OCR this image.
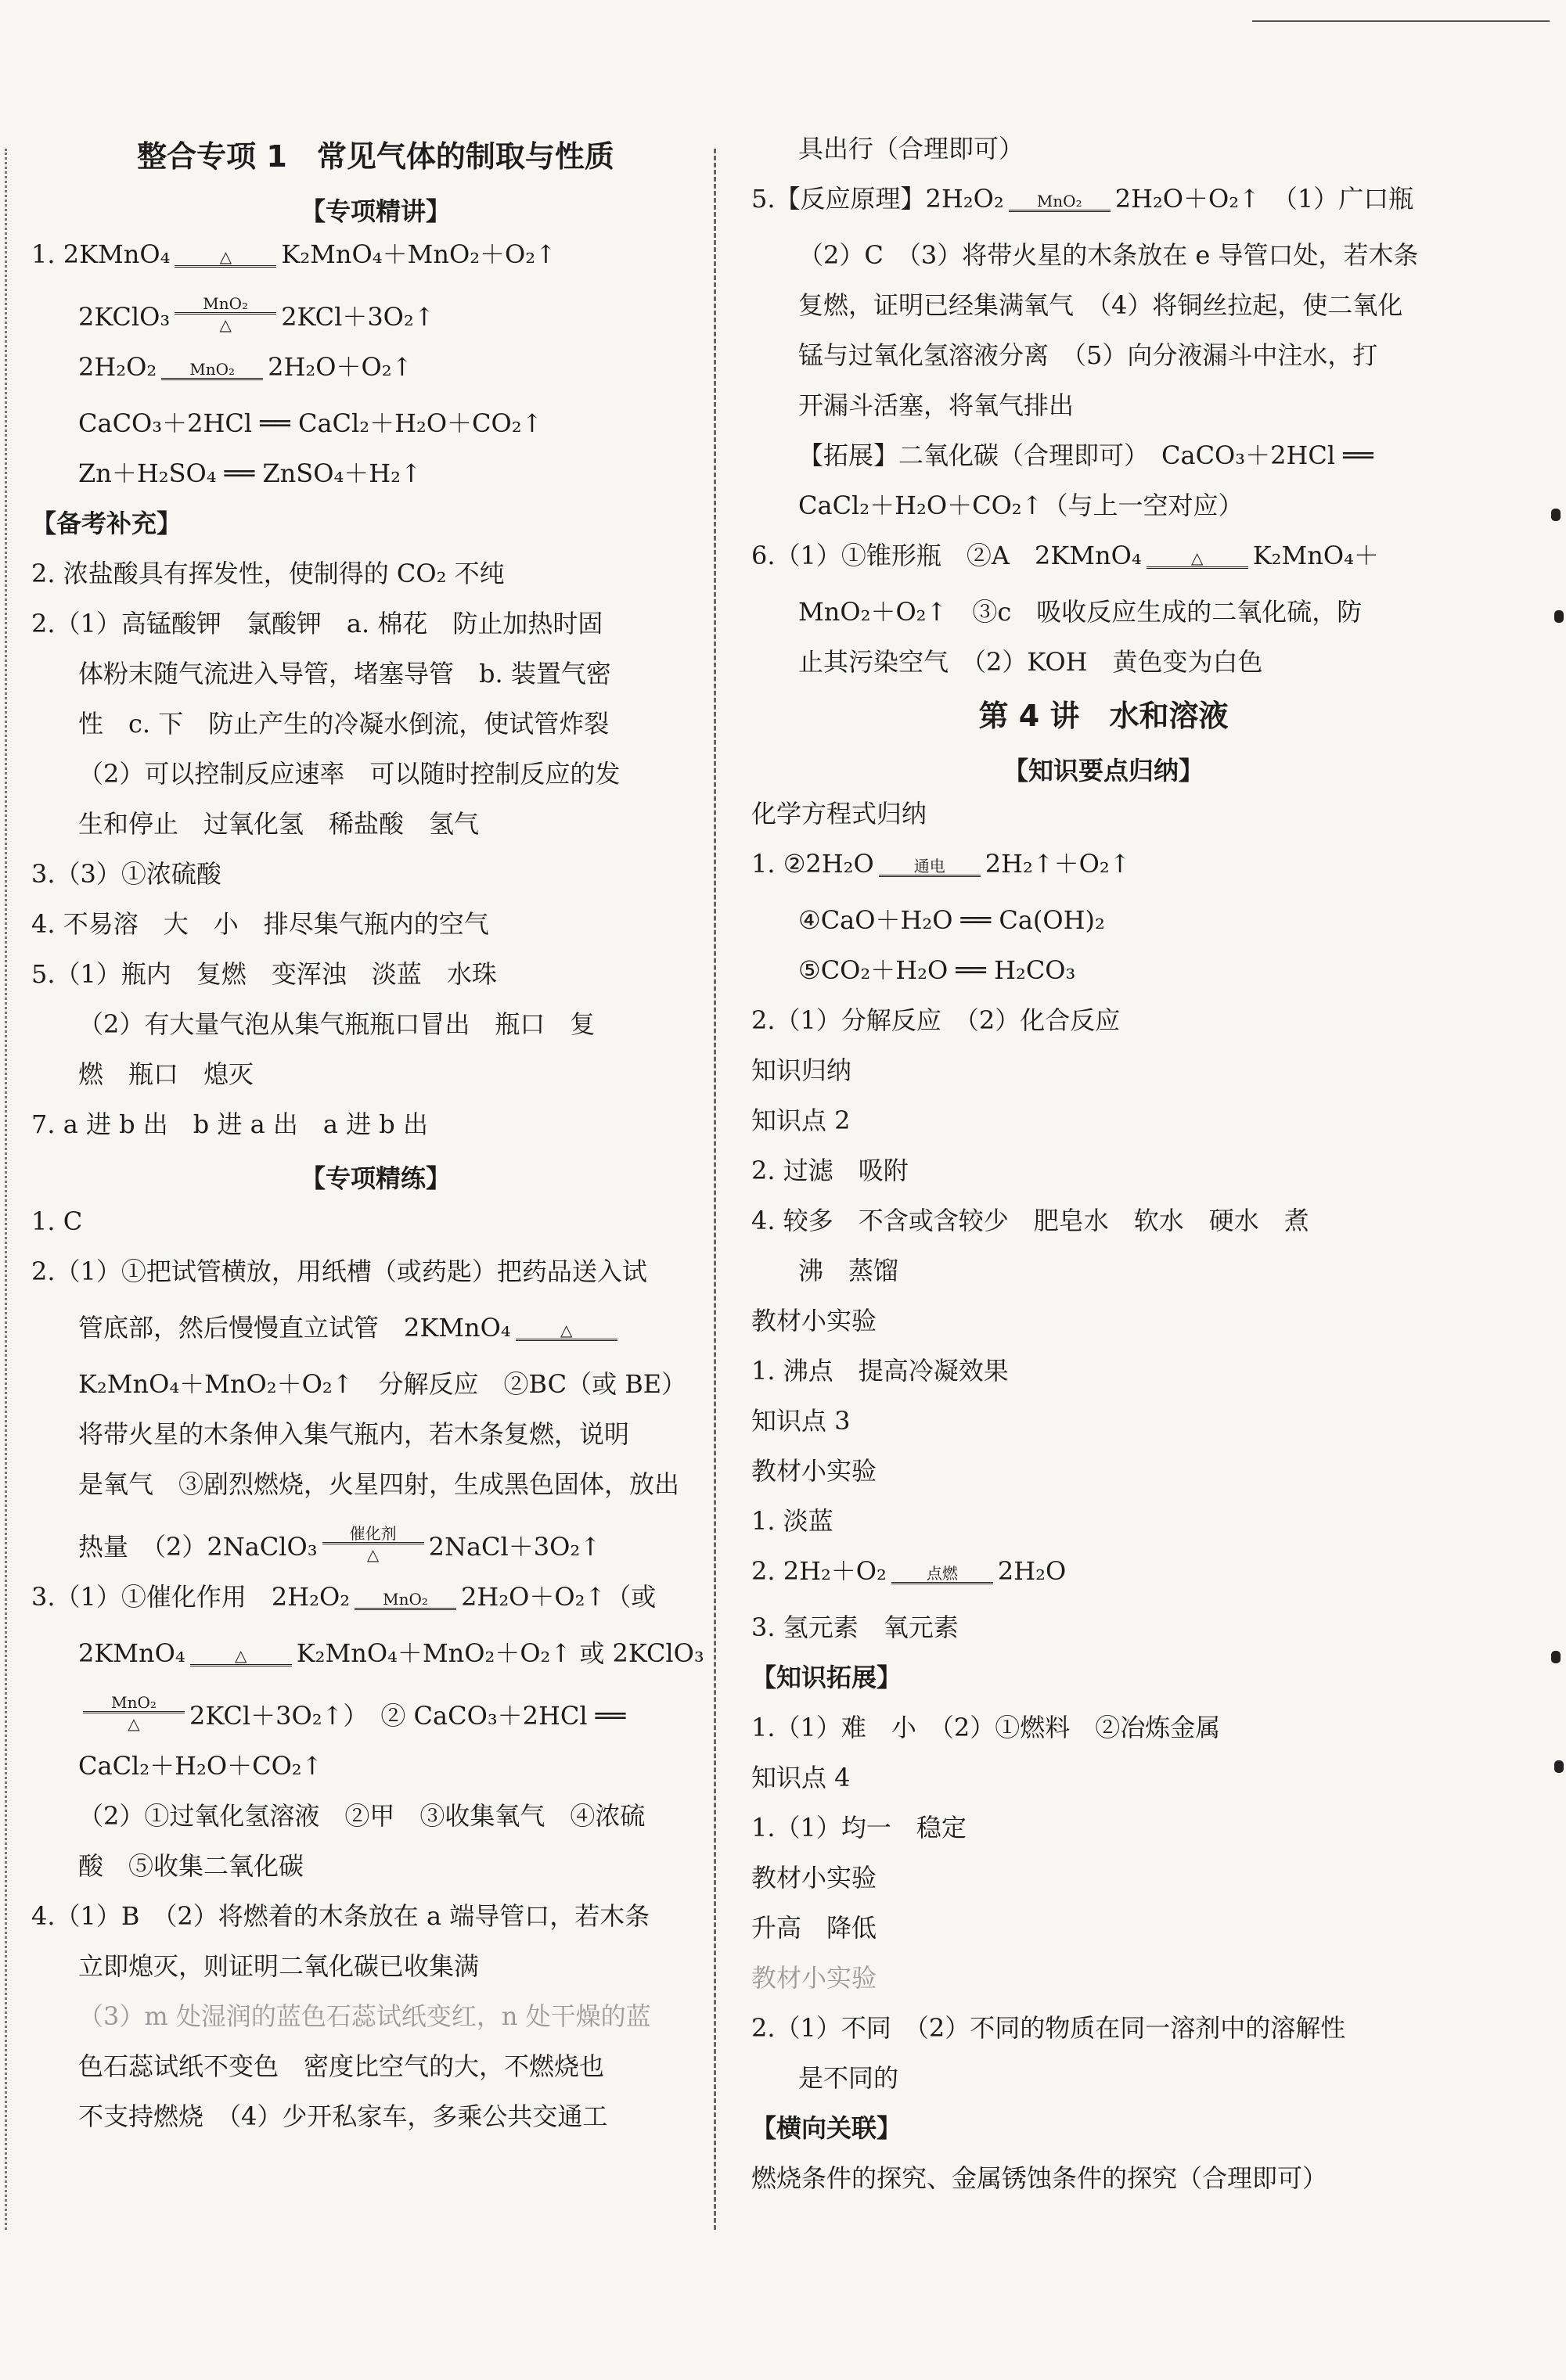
整合专项 1　常见气体的制取与性质
【专项精讲】
1. 2KMnO₄	△	K₂MnO₄＋MnO₂＋O₂↑
2KClO₃	MnO₂
△	2KCl＋3O₂↑
2H₂O₂	MnO₂	2H₂O＋O₂↑
CaCO₃＋2HCl ══ CaCl₂＋H₂O＋CO₂↑
Zn＋H₂SO₄ ══ ZnSO₄＋H₂↑
【备考补充】
2. 浓盐酸具有挥发性，使制得的 CO₂ 不纯
2.（1）高锰酸钾　氯酸钾　a. 棉花　防止加热时固
体粉末随气流进入导管，堵塞导管　b. 装置气密
性　c. 下　防止产生的冷凝水倒流，使试管炸裂
（2）可以控制反应速率　可以随时控制反应的发
生和停止　过氧化氢　稀盐酸　氢气
3.（3）①浓硫酸
4. 不易溶　大　小　排尽集气瓶内的空气
5.（1）瓶内　复燃　变浑浊　淡蓝　水珠
（2）有大量气泡从集气瓶瓶口冒出　瓶口　复
燃　瓶口　熄灭
7. a 进 b 出　b 进 a 出　a 进 b 出
【专项精练】
1. C
2.（1）①把试管横放，用纸槽（或药匙）把药品送入试
管底部，然后慢慢直立试管　2KMnO₄	△
K₂MnO₄＋MnO₂＋O₂↑　分解反应　②BC（或 BE）
将带火星的木条伸入集气瓶内，若木条复燃，说明
是氧气　③剧烈燃烧，火星四射，生成黑色固体，放出
热量　（2）2NaClO₃	催化剂
△	2NaCl＋3O₂↑
3.（1）①催化作用　2H₂O₂	MnO₂	2H₂O＋O₂↑（或
2KMnO₄	△	K₂MnO₄＋MnO₂＋O₂↑ 或 2KClO₃
MnO₂
△	2KCl＋3O₂↑）　② CaCO₃＋2HCl ══
CaCl₂＋H₂O＋CO₂↑
（2）①过氧化氢溶液　②甲　③收集氧气　④浓硫
酸　⑤收集二氧化碳
4.（1）B　（2）将燃着的木条放在 a 端导管口，若木条
立即熄灭，则证明二氧化碳已收集满
（3）m 处湿润的蓝色石蕊试纸变红，n 处干燥的蓝
色石蕊试纸不变色　密度比空气的大，不燃烧也
不支持燃烧　（4）少开私家车，多乘公共交通工
具出行（合理即可）
5.【反应原理】2H₂O₂	MnO₂	2H₂O＋O₂↑　（1）广口瓶
（2）C　（3）将带火星的木条放在 e 导管口处，若木条
复燃，证明已经集满氧气　（4）将铜丝拉起，使二氧化
锰与过氧化氢溶液分离　（5）向分液漏斗中注水，打
开漏斗活塞，将氧气排出
【拓展】二氧化碳（合理即可）　CaCO₃＋2HCl ══
CaCl₂＋H₂O＋CO₂↑（与上一空对应）
6.（1）①锥形瓶　②A　2KMnO₄	△	K₂MnO₄＋
MnO₂＋O₂↑　③c　吸收反应生成的二氧化硫，防
止其污染空气　（2）KOH　黄色变为白色
第 4 讲　水和溶液
【知识要点归纳】
化学方程式归纳
1. ②2H₂O	通电	2H₂↑＋O₂↑
④CaO＋H₂O ══ Ca(OH)₂
⑤CO₂＋H₂O ══ H₂CO₃
2.（1）分解反应　（2）化合反应
知识归纳
知识点 2
2. 过滤　吸附
4. 较多　不含或含较少　肥皂水　软水　硬水　煮
沸　蒸馏
教材小实验
1. 沸点　提高冷凝效果
知识点 3
教材小实验
1. 淡蓝
2. 2H₂＋O₂	点燃	2H₂O
3. 氢元素　氧元素
【知识拓展】
1.（1）难　小　（2）①燃料　②冶炼金属
知识点 4
1.（1）均一　稳定
教材小实验
升高　降低
教材小实验
2.（1）不同　（2）不同的物质在同一溶剂中的溶解性
是不同的
【横向关联】
燃烧条件的探究、金属锈蚀条件的探究（合理即可）
